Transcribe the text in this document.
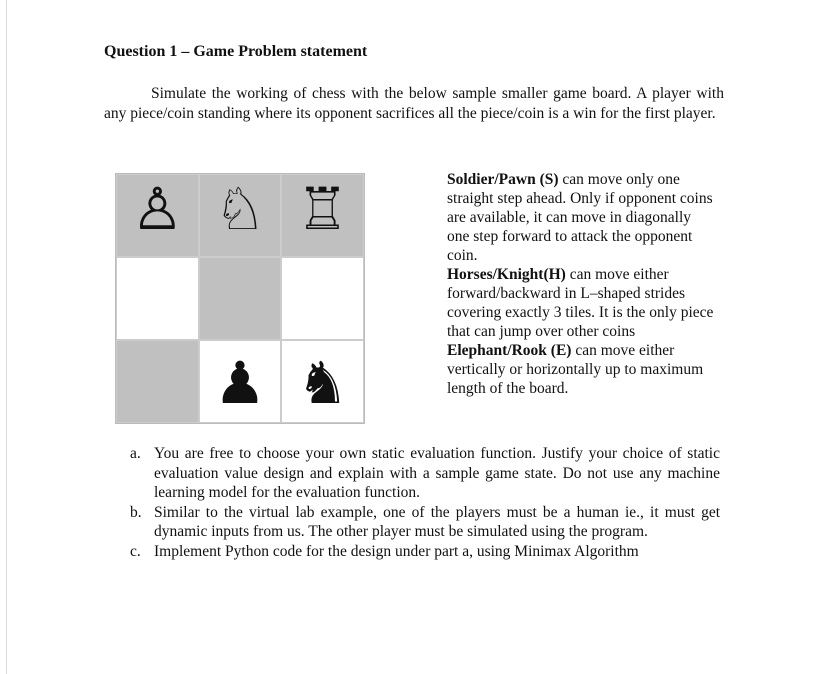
Question 1 – Game Problem statement
Simulate the working of chess with the below sample smaller game board. A player with any piece/coin standing where its opponent sacrifices all the piece/coin is a win for the first player.
♙ ♘ ♖
♟ ♞

Soldier/Pawn (S) can move only one straight step ahead. Only if opponent coins are available, it can move in diagonally one step forward to attack the opponent coin.

Horses/Knight(H) can move either forward/backward in L–shaped strides covering exactly 3 tiles. It is the only piece that can jump over other coins

Elephant/Rook (E) can move either vertically or horizontally up to maximum length of the board.

a. You are free to choose your own static evaluation function. Justify your choice of static evaluation value design and explain with a sample game state. Do not use any machine learning model for the evaluation function.
b. Similar to the virtual lab example, one of the players must be a human ie., it must get dynamic inputs from us. The other player must be simulated using the program.
c. Implement Python code for the design under part a, using Minimax Algorithm
